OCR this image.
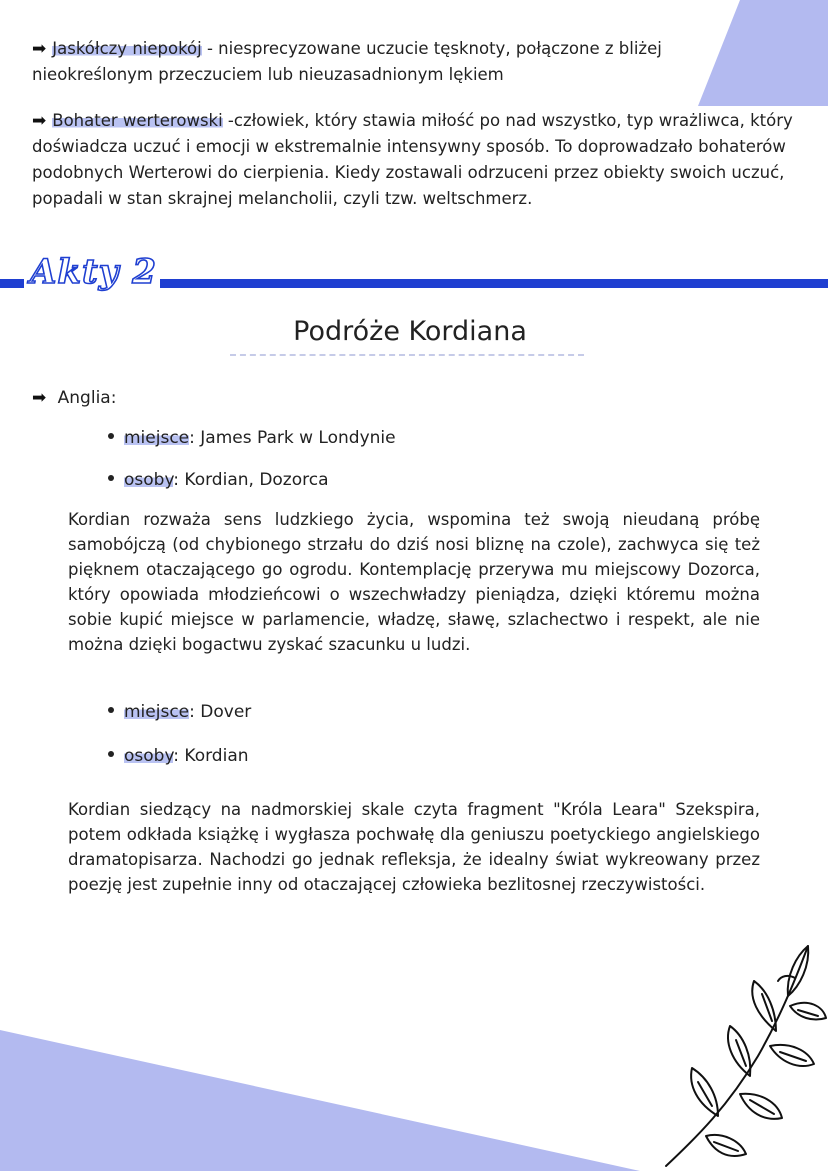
➡ Jaskółczy niepokój - niesprecyzowane uczucie tęsknoty, połączone z bliżej nieokreślonym przeczuciem lub nieuzasadnionym lękiem
➡ Bohater werterowski -człowiek, który stawia miłość po nad wszystko, typ wrażliwca, który doświadcza uczuć i emocji w ekstremalnie intensywny sposób. To doprowadzało bohaterów podobnych Werterowi do cierpienia. Kiedy zostawali odrzuceni przez obiekty swoich uczuć, popadali w stan skrajnej melancholii, czyli tzw. weltschmerz.
Akty 2
Podróże Kordiana
➡ Anglia:
miejsce: James Park w Londynie
osoby: Kordian, Dozorca
Kordian rozważa sens ludzkiego życia, wspomina też swoją nieudaną próbę samobójczą (od chybionego strzału do dziś nosi bliznę na czole), zachwyca się też pięknem otaczającego go ogrodu. Kontemplację przerywa mu miejscowy Dozorca, który opowiada młodzieńcowi o wszechwładzy pieniądza, dzięki któremu można sobie kupić miejsce w parlamencie, władzę, sławę, szlachectwo i respekt, ale nie można dzięki bogactwu zyskać szacunku u ludzi.
miejsce: Dover
osoby: Kordian
Kordian siedzący na nadmorskiej skale czyta fragment "Króla Leara" Szekspira, potem odkłada książkę i wygłasza pochwałę dla geniuszu poetyckiego angielskiego dramatopisarza. Nachodzi go jednak refleksja, że idealny świat wykreowany przez poezję jest zupełnie inny od otaczającej człowieka bezlitosnej rzeczywistości.
